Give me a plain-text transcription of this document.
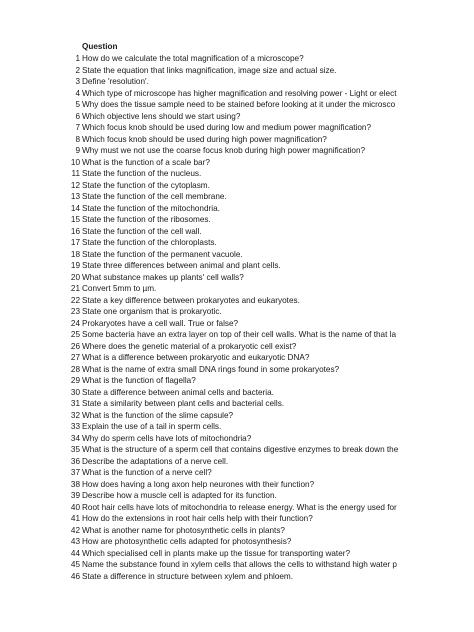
Question
1 How do we calculate the total magnification of a microscope?
2 State the equation that links magnification, image size and actual size.
3 Define 'resolution'.
4 Which type of microscope has higher magnification and resolving power - Light or elect
5 Why does the tissue sample need to be stained before looking at it under the microsco
6 Which objective lens should we start using?
7 Which focus knob should be used during low and medium power magnification?
8 Which focus knob should be used during high power magnification?
9 Why must we not use the coarse focus knob during high power magnification?
10 What is the function of a scale bar?
11 State the function of the nucleus.
12 State the function of the cytoplasm.
13 State the function of the cell membrane.
14 State the function of the mitochondria.
15 State the function of the ribosomes.
16 State the function of the cell wall.
17 State the function of the chloroplasts.
18 State the function of the permanent vacuole.
19 State three differences between animal and plant cells.
20 What substance makes up plants' cell walls?
21 Convert 5mm to µm.
22 State a key difference between prokaryotes and eukaryotes.
23 State one organism that is prokaryotic.
24 Prokaryotes have a cell wall. True or false?
25 Some bacteria have an extra layer on top of their cell walls. What is the name of that la
26 Where does the genetic material of a prokaryotic cell exist?
27 What is a difference between prokaryotic and eukaryotic DNA?
28 What is the name of extra small DNA rings found in some prokaryotes?
29 What is the function of flagella?
30 State a difference between animal cells and bacteria.
31 State a similarity between plant cells and bacterial cells.
32 What is the function of the slime capsule?
33 Explain the use of a tail in sperm cells.
34 Why do sperm cells have lots of mitochondria?
35 What is the structure of a sperm cell that contains digestive enzymes to break down the
36 Describe the adaptations of a nerve cell.
37 What is the function of a nerve cell?
38 How does having a long axon help neurones with their function?
39 Describe how a muscle cell is adapted for its function.
40 Root hair cells have lots of mitochondria to release energy. What is the energy used for
41 How do the extensions in root hair cells help with their function?
42 What is another name for photosynthetic cells in plants?
43 How are photosynthetic cells adapted for photosynthesis?
44 Which specialised cell in plants make up the tissue for transporting water?
45 Name the substance found in xylem cells that allows the cells to withstand high water p
46 State a difference in structure between xylem and phloem.
